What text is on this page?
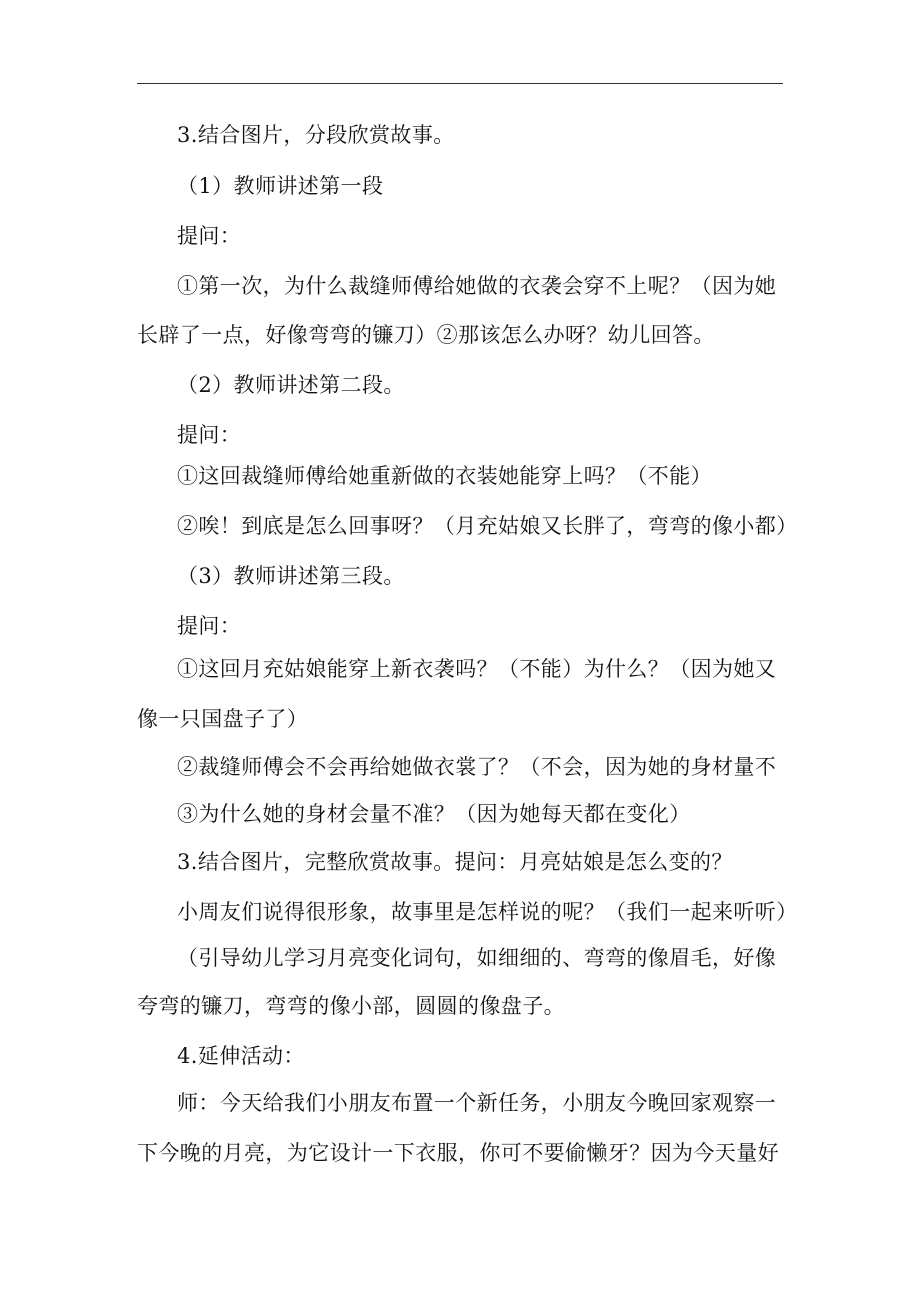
3.结合图片，分段欣赏故事。
（1）教师讲述第一段
提问：
①第一次，为什么裁缝师傅给她做的衣袭会穿不上呢？（因为她
长辟了一点，好像弯弯的镰刀）②那该怎么办呀？幼儿回答。
（2）教师讲述第二段。
提问：
①这回裁缝师傅给她重新做的衣装她能穿上吗？（不能）
②唉！到底是怎么回事呀？（月充姑娘又长胖了，弯弯的像小都）
（3）教师讲述第三段。
提问：
①这回月充姑娘能穿上新衣袭吗？（不能）为什么？（因为她又
像一只国盘子了）
②裁缝师傅会不会再给她做衣裳了？（不会，因为她的身材量不
③为什么她的身材会量不准？（因为她每天都在变化）
3.结合图片，完整欣赏故事。提问：月亮姑娘是怎么变的？
小周友们说得很形象，故事里是怎样说的呢？（我们一起来听听）
（引导幼儿学习月亮变化词句，如细细的、弯弯的像眉毛，好像
夸弯的镰刀，弯弯的像小部，圆圆的像盘子。
4.延伸活动：
师：今天给我们小朋友布置一个新任务，小朋友今晚回家观察一
下今晚的月亮，为它设计一下衣服，你可不要偷懒牙？因为今天量好
